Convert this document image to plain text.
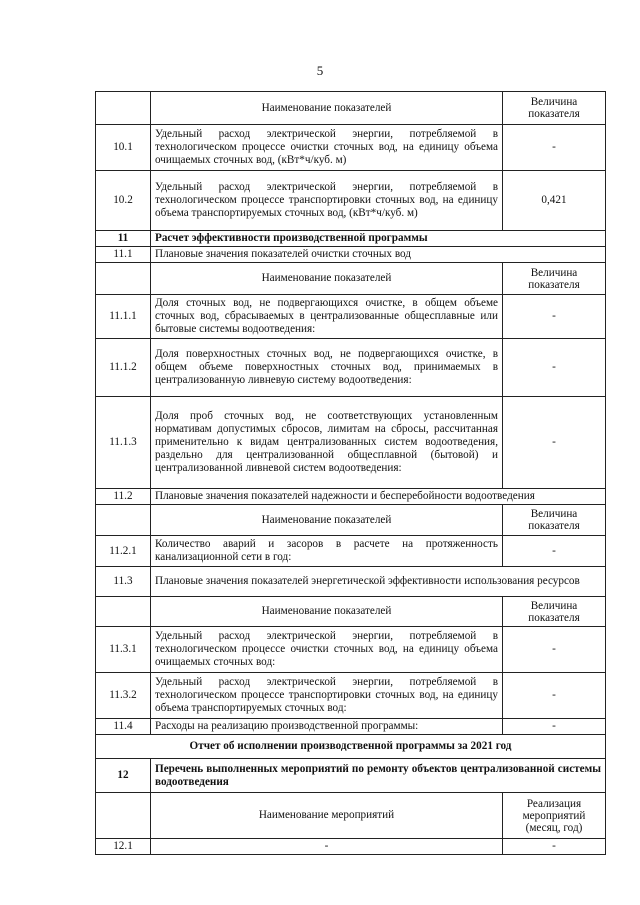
5
	Наименование показателей	Величина показателя
10.1	Удельный расход электрической энергии, потребляемой в технологическом процессе очистки сточных вод, на единицу объема очищаемых сточных вод, (кВт*ч/куб. м)	-
10.2	Удельный расход электрической энергии, потребляемой в технологическом процессе транспортировки сточных вод, на единицу объема транспортируемых сточных вод, (кВт*ч/куб. м)	0,421
11	Расчет эффективности производственной программы	
11.1	Плановые значения показателей очистки сточных вод	
	Наименование показателей	Величина показателя
11.1.1	Доля сточных вод, не подвергающихся очистке, в общем объеме сточных вод, сбрасываемых в централизованные общесплавные или бытовые системы водоотведения:	-
11.1.2	Доля поверхностных сточных вод, не подвергающихся очистке, в общем объеме поверхностных сточных вод, принимаемых в централизованную ливневую систему водоотведения:	-
11.1.3	Доля проб сточных вод, не соответствующих установленным нормативам допустимых сбросов, лимитам на сбросы, рассчитанная применительно к видам централизованных систем водоотведения, раздельно для централизованной общесплавной (бытовой) и централизованной ливневой систем водоотведения:	-
11.2	Плановые значения показателей надежности и бесперебойности водоотведения	
	Наименование показателей	Величина показателя
11.2.1	Количество аварий и засоров в расчете на протяженность канализационной сети в год:	-
11.3	Плановые значения показателей энергетической эффективности использования ресурсов	
	Наименование показателей	Величина показателя
11.3.1	Удельный расход электрической энергии, потребляемой в технологическом процессе очистки сточных вод, на единицу объема очищаемых сточных вод:	-
11.3.2	Удельный расход электрической энергии, потребляемой в технологическом процессе транспортировки сточных вод, на единицу объема транспортируемых сточных вод:	-
11.4	Расходы на реализацию производственной программы:	-
Отчет об исполнении производственной программы за 2021 год		
12	Перечень выполненных мероприятий по ремонту объектов централизованной системы водоотведения	
	Наименование мероприятий	Реализация мероприятий (месяц, год)
12.1	-	-
